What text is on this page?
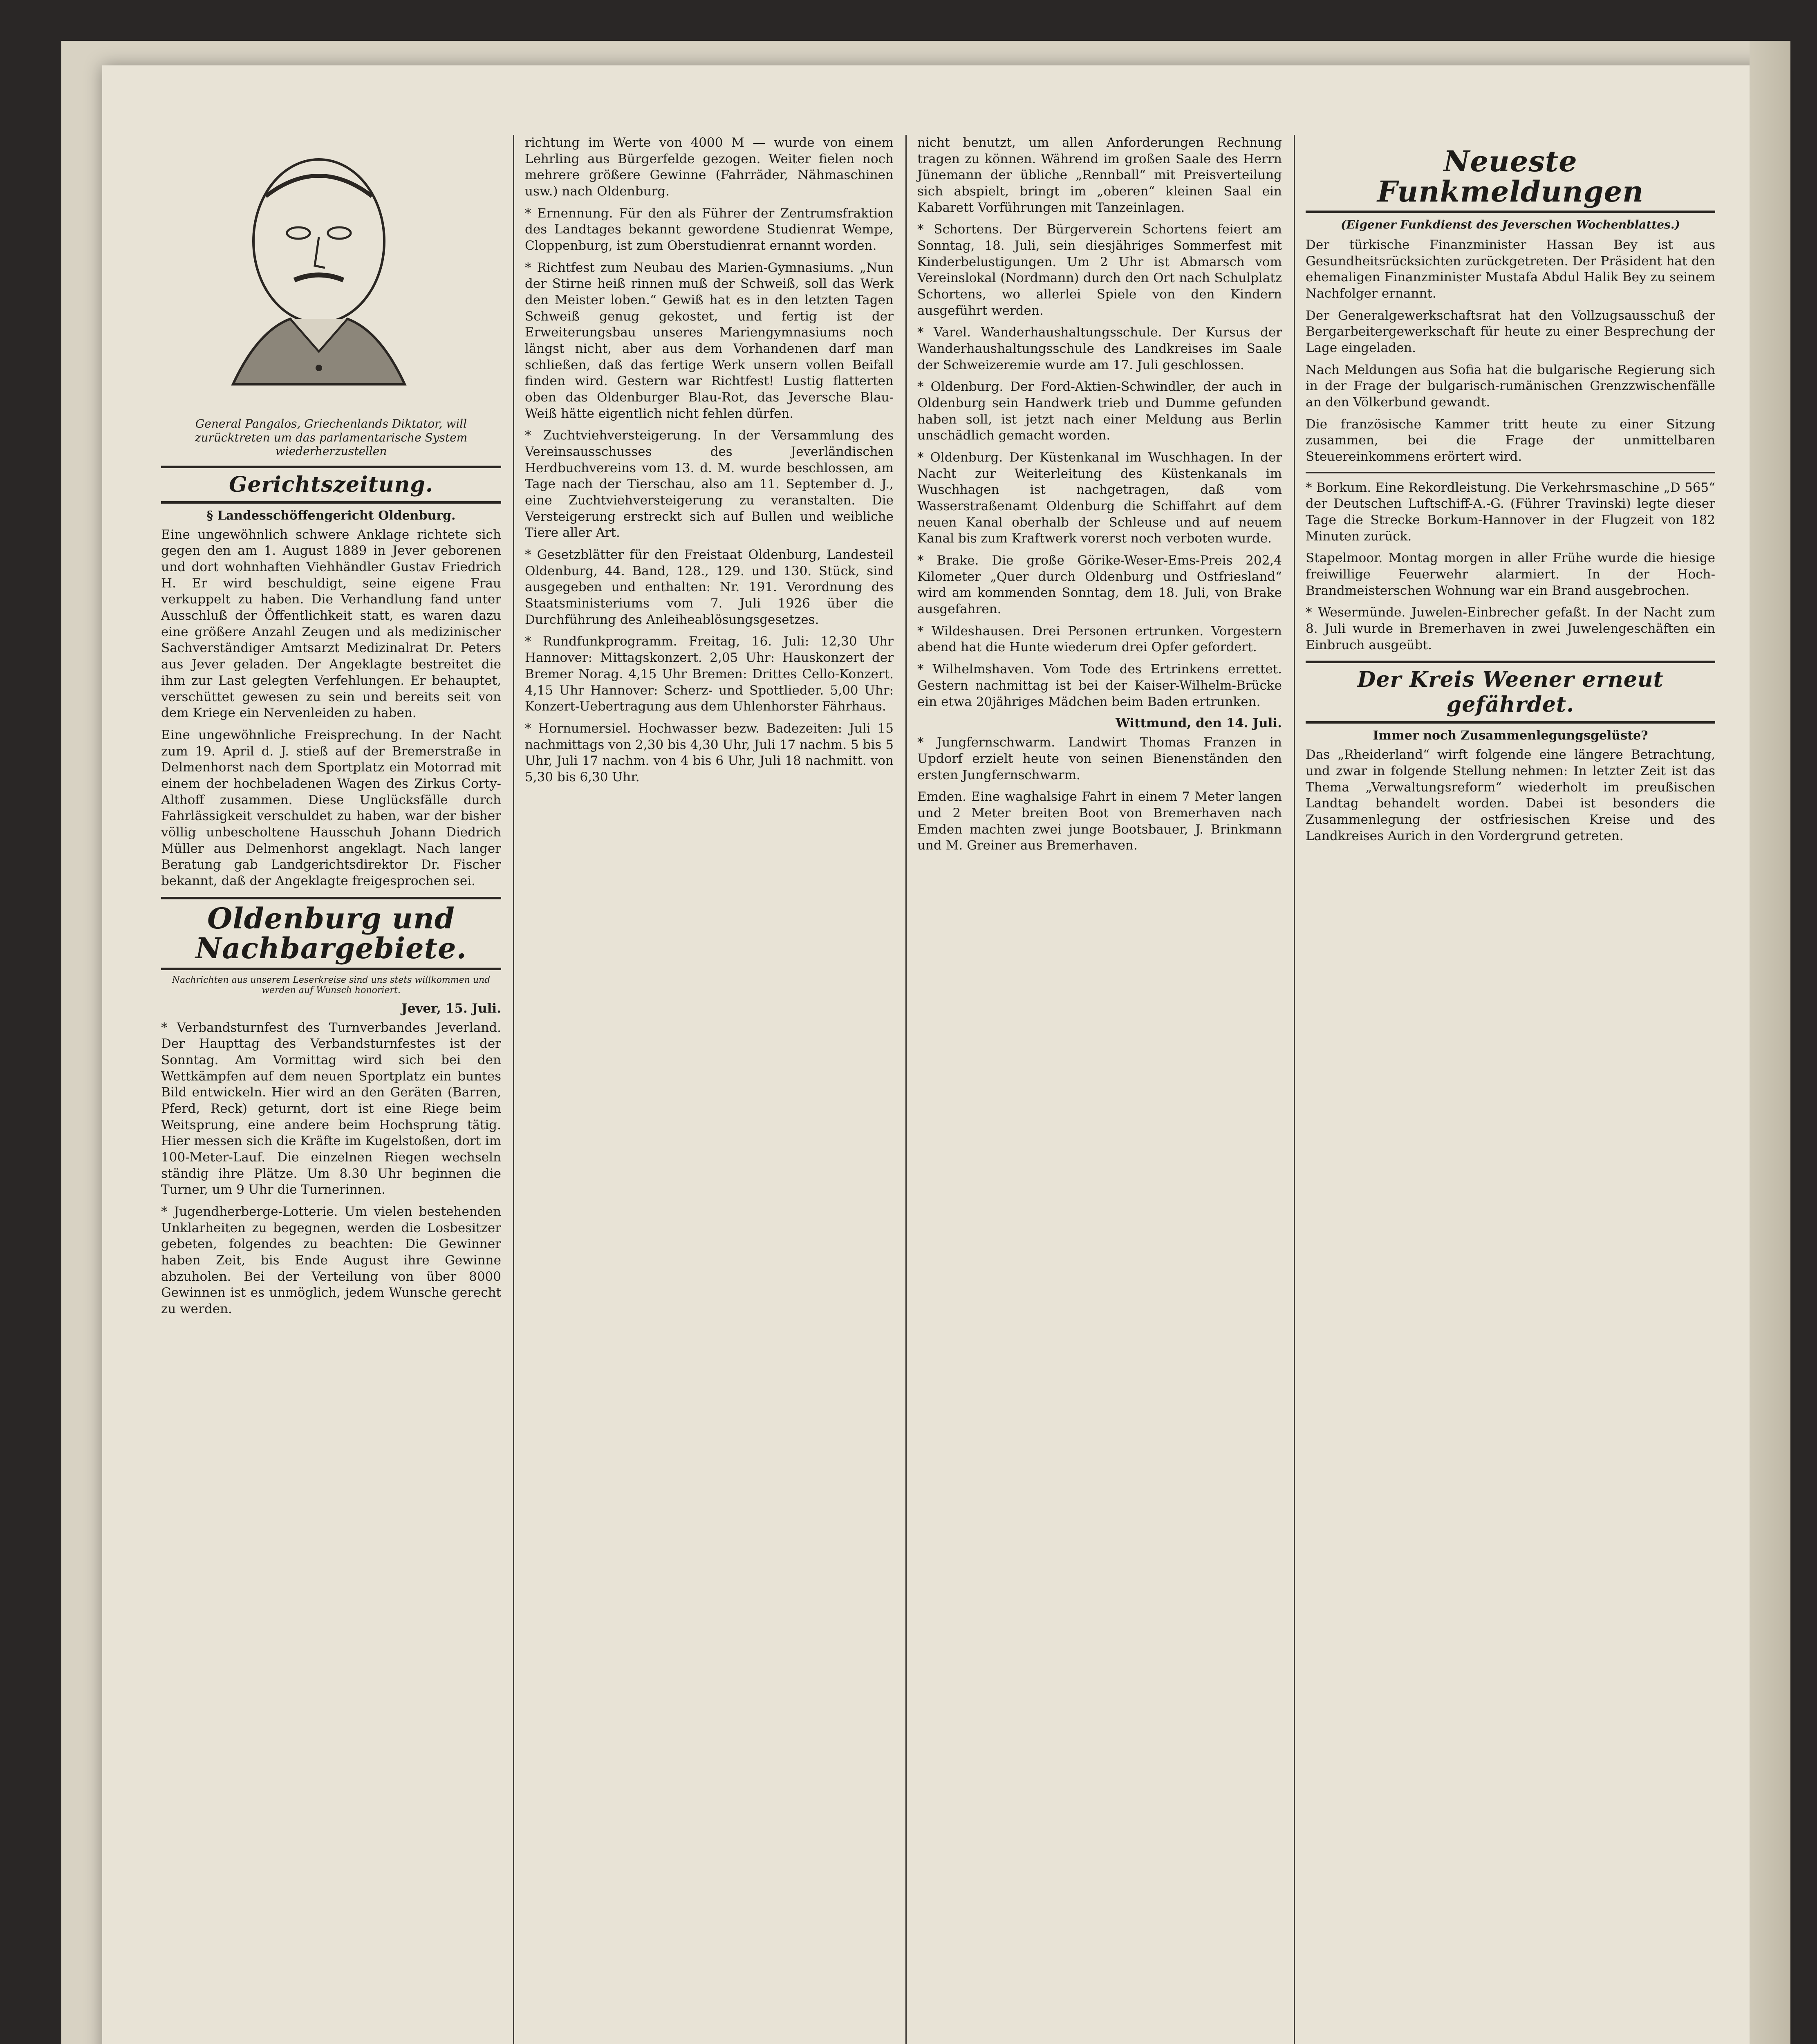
General Pangalos, Griechenlands Diktator, will zurücktreten um das parlamentarische System wiederherzustellen
Gerichtszeitung.
§ Landesschöffengericht Oldenburg.

Eine ungewöhnlich schwere Anklage richtete sich gegen den am 1. August 1889 in Jever geborenen und dort wohnhaften Viehhändler Gustav Friedrich H. Er wird beschuldigt, seine eigene Frau verkuppelt zu haben. Die Verhandlung fand unter Ausschluß der Öffentlichkeit statt, es waren dazu eine größere Anzahl Zeugen und als medizinischer Sachverständiger Amtsarzt Medizinalrat Dr. Peters aus Jever geladen. Der Angeklagte bestreitet die ihm zur Last gelegten Verfehlungen. Er behauptet, verschüttet gewesen zu sein und bereits seit von dem Kriege ein Nervenleiden zu haben.

Eine ungewöhnliche Freisprechung. In der Nacht zum 19. April d. J. stieß auf der Bremerstraße in Delmenhorst nach dem Sportplatz ein Motorrad mit einem der hochbeladenen Wagen des Zirkus Corty-Althoff zusammen. Diese Unglücksfälle durch Fahrlässigkeit verschuldet zu haben, war der bisher völlig unbescholtene Hausschuh Johann Diedrich Müller aus Delmenhorst angeklagt. Nach langer Beratung gab Landgerichtsdirektor Dr. Fischer bekannt, daß der Angeklagte freigesprochen sei.

Oldenburg und Nachbargebiete.
Nachrichten aus unserem Leserkreise sind uns stets willkommen und werden auf Wunsch honoriert.
Jever, 15. Juli.

* Verbandsturnfest des Turnverbandes Jeverland. Der Haupttag des Verbandsturnfestes ist der Sonntag. Am Vormittag wird sich bei den Wettkämpfen auf dem neuen Sportplatz ein buntes Bild entwickeln. Hier wird an den Geräten (Barren, Pferd, Reck) geturnt, dort ist eine Riege beim Weitsprung, eine andere beim Hochsprung tätig. Hier messen sich die Kräfte im Kugelstoßen, dort im 100-Meter-Lauf. Die einzelnen Riegen wechseln ständig ihre Plätze. Um 8.30 Uhr beginnen die Turner, um 9 Uhr die Turnerinnen.

* Jugendherberge-Lotterie. Um vielen bestehenden Unklarheiten zu begegnen, werden die Losbesitzer gebeten, folgendes zu beachten: Die Gewinner haben Zeit, bis Ende August ihre Gewinne abzuholen. Bei der Verteilung von über 8000 Gewinnen ist es unmöglich, jedem Wunsche gerecht zu werden.

richtung im Werte von 4000 M — wurde von einem Lehrling aus Bürgerfelde gezogen. Weiter fielen noch mehrere größere Gewinne (Fahrräder, Nähmaschinen usw.) nach Oldenburg.

* Ernennung. Für den als Führer der Zentrumsfraktion des Landtages bekannt gewordene Studienrat Wempe, Cloppenburg, ist zum Oberstudienrat ernannt worden.

* Richtfest zum Neubau des Marien-Gymnasiums. „Nun der Stirne heiß rinnen muß der Schweiß, soll das Werk den Meister loben.“ Gewiß hat es in den letzten Tagen Schweiß genug gekostet, und fertig ist der Erweiterungsbau unseres Mariengymnasiums noch längst nicht, aber aus dem Vorhandenen darf man schließen, daß das fertige Werk unsern vollen Beifall finden wird. Gestern war Richtfest! Lustig flatterten oben das Oldenburger Blau-Rot, das Jeversche Blau-Weiß hätte eigentlich nicht fehlen dürfen.

* Zuchtviehversteigerung. In der Versammlung des Vereinsausschusses des Jeverländischen Herdbuchvereins vom 13. d. M. wurde beschlossen, am Tage nach der Tierschau, also am 11. September d. J., eine Zuchtviehversteigerung zu veranstalten. Die Versteigerung erstreckt sich auf Bullen und weibliche Tiere aller Art.

* Gesetzblätter für den Freistaat Oldenburg, Landesteil Oldenburg, 44. Band, 128., 129. und 130. Stück, sind ausgegeben und enthalten: Nr. 191. Verordnung des Staatsministeriums vom 7. Juli 1926 über die Durchführung des Anleiheablösungsgesetzes.

* Rundfunkprogramm. Freitag, 16. Juli: 12,30 Uhr Hannover: Mittagskonzert. 2,05 Uhr: Hauskonzert der Bremer Norag. 4,15 Uhr Bremen: Drittes Cello-Konzert. 4,15 Uhr Hannover: Scherz- und Spottlieder. 5,00 Uhr: Konzert-Uebertragung aus dem Uhlenhorster Fährhaus.

* Hornumersiel. Hochwasser bezw. Badezeiten: Juli 15 nachmittags von 2,30 bis 4,30 Uhr, Juli 17 nachm. 5 bis 5 Uhr, Juli 17 nachm. von 4 bis 6 Uhr, Juli 18 nachmitt. von 5,30 bis 6,30 Uhr.

nicht benutzt, um allen Anforderungen Rechnung tragen zu können. Während im großen Saale des Herrn Jünemann der übliche „Rennball“ mit Preisverteilung sich abspielt, bringt im „oberen“ kleinen Saal ein Kabarett Vorführungen mit Tanzeinlagen.

* Schortens. Der Bürgerverein Schortens feiert am Sonntag, 18. Juli, sein diesjähriges Sommerfest mit Kinderbelustigungen. Um 2 Uhr ist Abmarsch vom Vereinslokal (Nordmann) durch den Ort nach Schulplatz Schortens, wo allerlei Spiele von den Kindern ausgeführt werden.

* Varel. Wanderhaushaltungsschule. Der Kursus der Wanderhaushaltungsschule des Landkreises im Saale der Schweizeremie wurde am 17. Juli geschlossen.

* Oldenburg. Der Ford-Aktien-Schwindler, der auch in Oldenburg sein Handwerk trieb und Dumme gefunden haben soll, ist jetzt nach einer Meldung aus Berlin unschädlich gemacht worden.

* Oldenburg. Der Küstenkanal im Wuschhagen. In der Nacht zur Weiterleitung des Küstenkanals im Wuschhagen ist nachgetragen, daß vom Wasserstraßenamt Oldenburg die Schiffahrt auf dem neuen Kanal oberhalb der Schleuse und auf neuem Kanal bis zum Kraftwerk vorerst noch verboten wurde.

* Brake. Die große Görike-Weser-Ems-Preis 202,4 Kilometer „Quer durch Oldenburg und Ostfriesland“ wird am kommenden Sonntag, dem 18. Juli, von Brake ausgefahren.

* Wildeshausen. Drei Personen ertrunken. Vorgestern abend hat die Hunte wiederum drei Opfer gefordert.

* Wilhelmshaven. Vom Tode des Ertrinkens errettet. Gestern nachmittag ist bei der Kaiser-Wilhelm-Brücke ein etwa 20jähriges Mädchen beim Baden ertrunken.

Wittmund, den 14. Juli.

* Jungfernschwarm. Landwirt Thomas Franzen in Updorf erzielt heute von seinen Bienenständen den ersten Jungfernschwarm.

Emden. Eine waghalsige Fahrt in einem 7 Meter langen und 2 Meter breiten Boot von Bremerhaven nach Emden machten zwei junge Bootsbauer, J. Brinkmann und M. Greiner aus Bremerhaven.

Neueste Funkmeldungen
(Eigener Funkdienst des Jeverschen Wochenblattes.)

Der türkische Finanzminister Hassan Bey ist aus Gesundheitsrücksichten zurückgetreten. Der Präsident hat den ehemaligen Finanzminister Mustafa Abdul Halik Bey zu seinem Nachfolger ernannt.

Der Generalgewerkschaftsrat hat den Vollzugsausschuß der Bergarbeitergewerkschaft für heute zu einer Besprechung der Lage eingeladen.

Nach Meldungen aus Sofia hat die bulgarische Regierung sich in der Frage der bulgarisch-rumänischen Grenzzwischenfälle an den Völkerbund gewandt.

Die französische Kammer tritt heute zu einer Sitzung zusammen, bei die Frage der unmittelbaren Steuereinkommens erörtert wird.

* Borkum. Eine Rekordleistung. Die Verkehrsmaschine „D 565“ der Deutschen Luftschiff-A.-G. (Führer Travinski) legte dieser Tage die Strecke Borkum-Hannover in der Flugzeit von 182 Minuten zurück.

Stapelmoor. Montag morgen in aller Frühe wurde die hiesige freiwillige Feuerwehr alarmiert. In der Hoch-Brandmeisterschen Wohnung war ein Brand ausgebrochen.

* Wesermünde. Juwelen-Einbrecher gefaßt. In der Nacht zum 8. Juli wurde in Bremerhaven in zwei Juwelengeschäften ein Einbruch ausgeübt.

Der Kreis Weener erneut gefährdet.
Immer noch Zusammenlegungsgelüste?

Das „Rheiderland“ wirft folgende eine längere Betrachtung, und zwar in folgende Stellung nehmen: In letzter Zeit ist das Thema „Verwaltungsreform“ wiederholt im preußischen Landtag behandelt worden. Dabei ist besonders die Zusammenlegung der ostfriesischen Kreise und des Landkreises Aurich in den Vordergrund getreten.
